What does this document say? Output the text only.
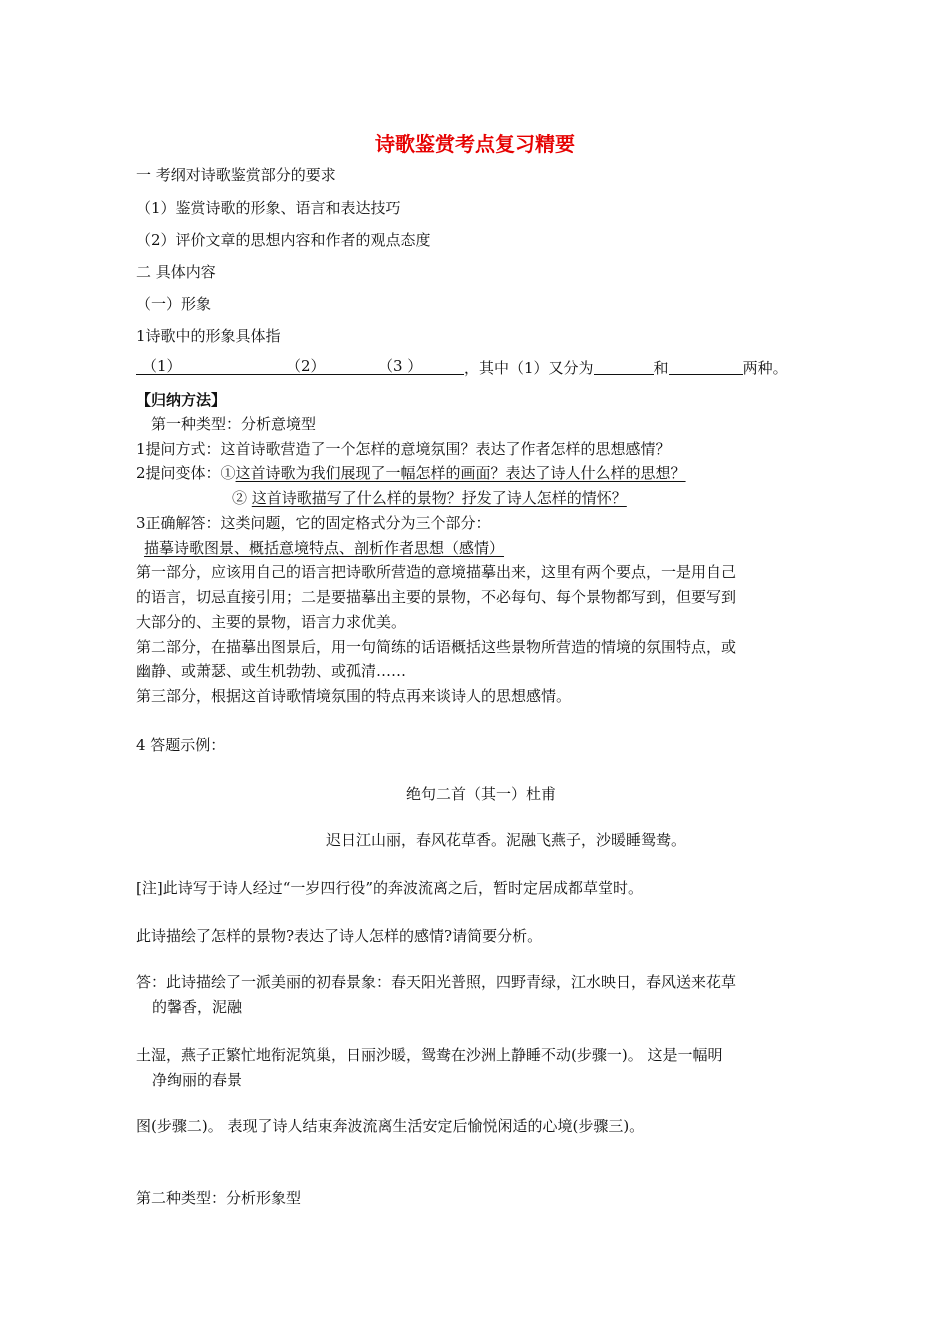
诗歌鉴赏考点复习精要
一 考纲对诗歌鉴赏部分的要求
（1）鉴赏诗歌的形象、语言和表达技巧
（2）评价文章的思想内容和作者的观点态度
二 具体内容
（一）形象
1诗歌中的形象具体指
（1）	（2）	（3 ）	，其中（1）又分为	和	两种。
【归纳方法】
第一种类型：分析意境型
1提问方式：这首诗歌营造了一个怎样的意境氛围？表达了作者怎样的思想感情？
2提问变体：①这首诗歌为我们展现了一幅怎样的画面？表达了诗人什么样的思想？
② 这首诗歌描写了什么样的景物？抒发了诗人怎样的情怀？
3正确解答：这类问题，它的固定格式分为三个部分：
描摹诗歌图景、概括意境特点、剖析作者思想（感情）
第一部分，应该用自己的语言把诗歌所营造的意境描摹出来，这里有两个要点，一是用自己
的语言，切忌直接引用；二是要描摹出主要的景物，不必每句、每个景物都写到，但要写到
大部分的、主要的景物，语言力求优美。
第二部分，在描摹出图景后，用一句简练的话语概括这些景物所营造的情境的氛围特点，或
幽静、或萧瑟、或生机勃勃、或孤清……
第三部分，根据这首诗歌情境氛围的特点再来谈诗人的思想感情。
4 答题示例：
绝句二首（其一）杜甫
迟日江山丽，春风花草香。泥融飞燕子，沙暖睡鸳鸯。
[注]此诗写于诗人经过“一岁四行役”的奔波流离之后，暂时定居成都草堂时。
此诗描绘了怎样的景物?表达了诗人怎样的感情?请简要分析。
答：此诗描绘了一派美丽的初春景象：春天阳光普照，四野青绿，江水映日，春风送来花草
的馨香，泥融
土湿，燕子正繁忙地衔泥筑巢，日丽沙暖，鸳鸯在沙洲上静睡不动(步骤一)。 这是一幅明
净绚丽的春景
图(步骤二)。 表现了诗人结束奔波流离生活安定后愉悦闲适的心境(步骤三)。
第二种类型：分析形象型
